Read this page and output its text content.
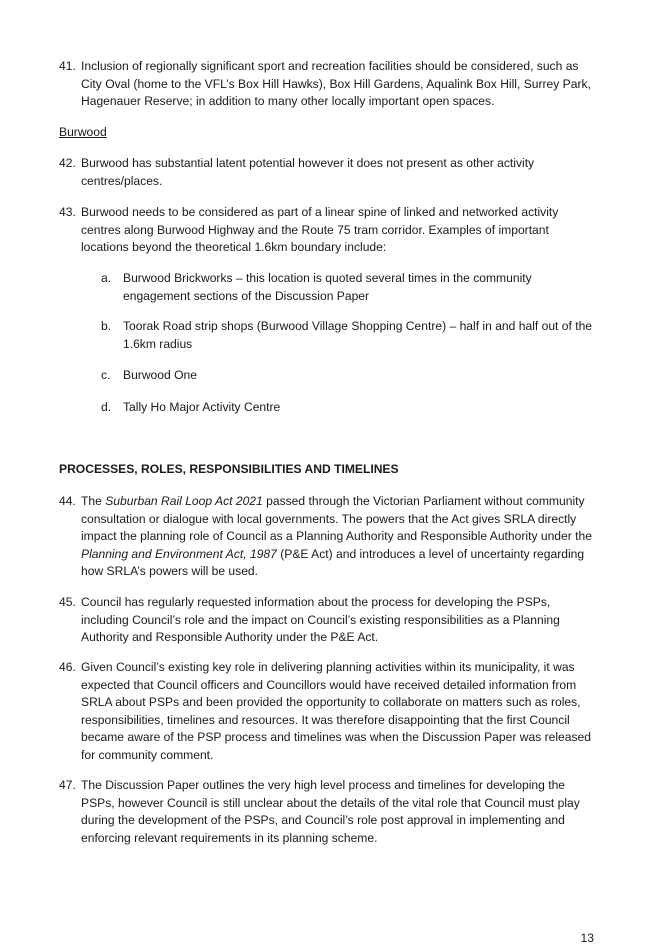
41. Inclusion of regionally significant sport and recreation facilities should be considered, such as City Oval (home to the VFL’s Box Hill Hawks), Box Hill Gardens, Aqualink Box Hill, Surrey Park, Hagenauer Reserve; in addition to many other locally important open spaces.
Burwood
42. Burwood has substantial latent potential however it does not present as other activity centres/places.
43. Burwood needs to be considered as part of a linear spine of linked and networked activity centres along Burwood Highway and the Route 75 tram corridor. Examples of important locations beyond the theoretical 1.6km boundary include:
a. Burwood Brickworks – this location is quoted several times in the community engagement sections of the Discussion Paper
b. Toorak Road strip shops (Burwood Village Shopping Centre) – half in and half out of the 1.6km radius
c.	Burwood One
d. Tally Ho Major Activity Centre
PROCESSES, ROLES, RESPONSIBILITIES AND TIMELINES
44. The Suburban Rail Loop Act 2021 passed through the Victorian Parliament without community consultation or dialogue with local governments. The powers that the Act gives SRLA directly impact the planning role of Council as a Planning Authority and Responsible Authority under the Planning and Environment Act, 1987 (P&E Act) and introduces a level of uncertainty regarding how SRLA’s powers will be used.
45. Council has regularly requested information about the process for developing the PSPs, including Council’s role and the impact on Council’s existing responsibilities as a Planning Authority and Responsible Authority under the P&E Act.
46. Given Council’s existing key role in delivering planning activities within its municipality, it was expected that Council officers and Councillors would have received detailed information from SRLA about PSPs and been provided the opportunity to collaborate on matters such as roles, responsibilities, timelines and resources. It was therefore disappointing that the first Council became aware of the PSP process and timelines was when the Discussion Paper was released for community comment.
47. The Discussion Paper outlines the very high level process and timelines for developing the PSPs, however Council is still unclear about the details of the vital role that Council must play during the development of the PSPs, and Council’s role post approval in implementing and enforcing relevant requirements in its planning scheme.
13
